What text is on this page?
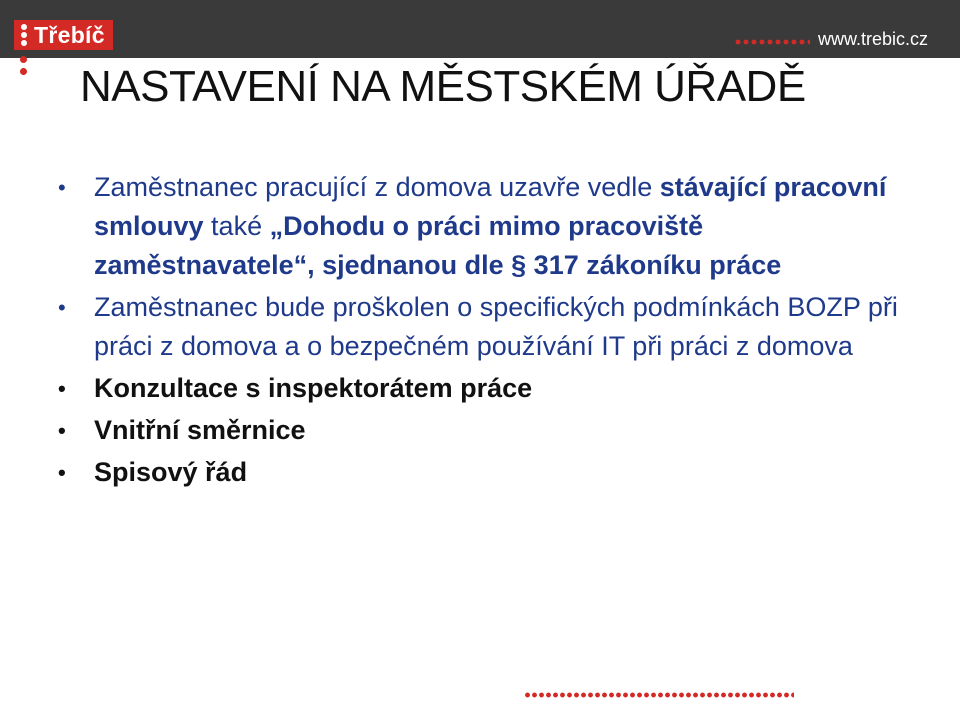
Třebíč	www.trebic.cz
NASTAVENÍ NA MĚSTSKÉM ÚŘADĚ
• Zaměstnanec pracující z domova uzavře vedle stávající pracovní smlouvy také „Dohodu o práci mimo pracoviště zaměstnavatele“, sjednanou dle § 317 zákoníku práce
• Zaměstnanec bude proškolen o specifických podmínkách BOZP při práci z domova a o bezpečném používání IT při práci z domova
• Konzultace s inspektorátem práce
• Vnitřní směrnice
• Spisový řád
